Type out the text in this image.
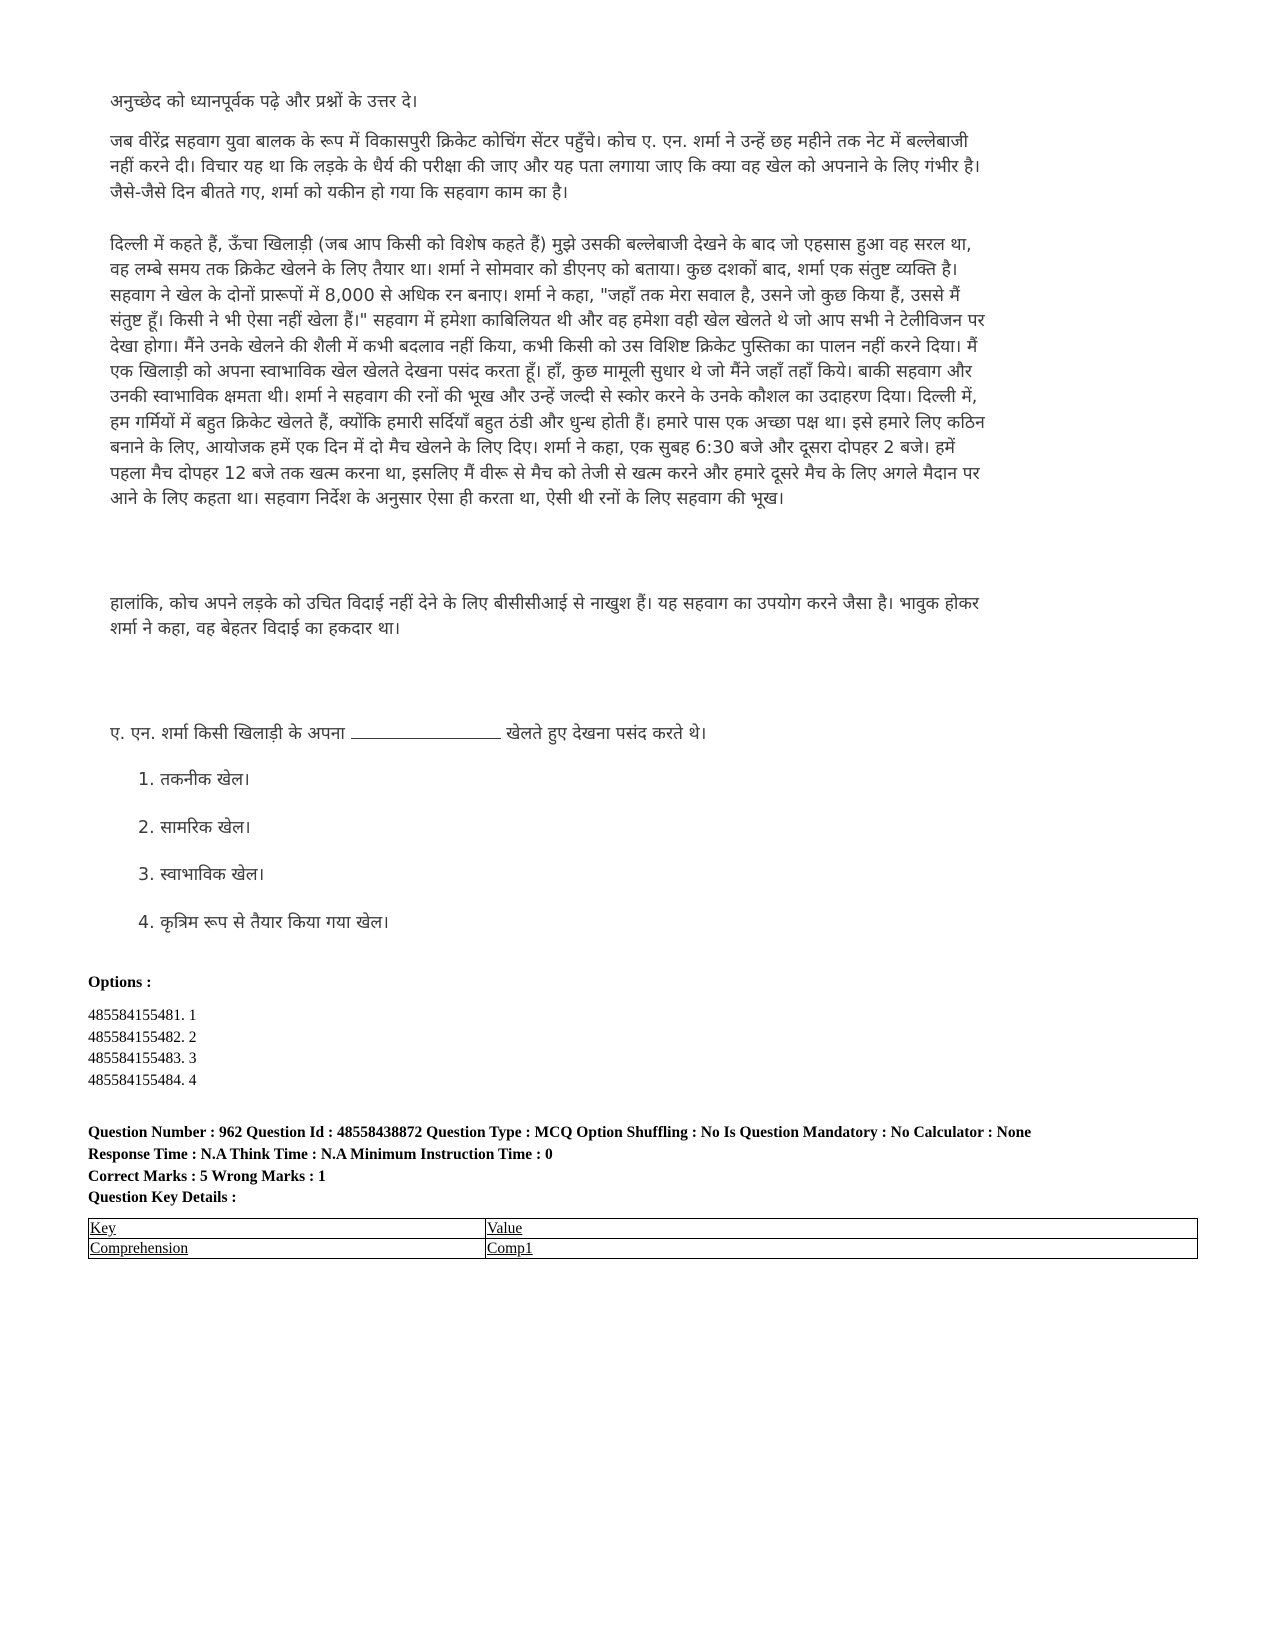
अनुच्छेद को ध्यानपूर्वक पढ़े और प्रश्नों के उत्तर दे।

जब वीरेंद्र सहवाग युवा बालक के रूप में विकासपुरी क्रिकेट कोचिंग सेंटर पहुँचे। कोच ए. एन. शर्मा ने उन्हें छह महीने तक नेट में बल्लेबाजी नहीं करने दी। विचार यह था कि लड़के के धैर्य की परीक्षा की जाए और यह पता लगाया जाए कि क्या वह खेल को अपनाने के लिए गंभीर है। जैसे-जैसे दिन बीतते गए, शर्मा को यकीन हो गया कि सहवाग काम का है।

दिल्ली में कहते हैं, ऊँचा खिलाड़ी (जब आप किसी को विशेष कहते हैं) मुझे उसकी बल्लेबाजी देखने के बाद जो एहसास हुआ वह सरल था, वह लम्बे समय तक क्रिकेट खेलने के लिए तैयार था। शर्मा ने सोमवार को डीएनए को बताया। कुछ दशकों बाद, शर्मा एक संतुष्ट व्यक्ति है। सहवाग ने खेल के दोनों प्रारूपों में 8,000 से अधिक रन बनाए। शर्मा ने कहा, "जहाँ तक मेरा सवाल है, उसने जो कुछ किया हैं, उससे मैं संतुष्ट हूँ। किसी ने भी ऐसा नहीं खेला हैं।" सहवाग में हमेशा काबिलियत थी और वह हमेशा वही खेल खेलते थे जो आप सभी ने टेलीविजन पर देखा होगा। मैंने उनके खेलने की शैली में कभी बदलाव नहीं किया, कभी किसी को उस विशिष्ट क्रिकेट पुस्तिका का पालन नहीं करने दिया। मैं एक खिलाड़ी को अपना स्वाभाविक खेल खेलते देखना पसंद करता हूँ। हाँ, कुछ मामूली सुधार थे जो मैंने जहाँ तहाँ किये। बाकी सहवाग और उनकी स्वाभाविक क्षमता थी। शर्मा ने सहवाग की रनों की भूख और उन्हें जल्दी से स्कोर करने के उनके कौशल का उदाहरण दिया। दिल्ली में, हम गर्मियों में बहुत क्रिकेट खेलते हैं, क्योंकि हमारी सर्दियाँ बहुत ठंडी और धुन्ध होती हैं। हमारे पास एक अच्छा पक्ष था। इसे हमारे लिए कठिन बनाने के लिए, आयोजक हमें एक दिन में दो मैच खेलने के लिए दिए। शर्मा ने कहा, एक सुबह 6:30 बजे और दूसरा दोपहर 2 बजे। हमें पहला मैच दोपहर 12 बजे तक खत्म करना था, इसलिए मैं वीरू से मैच को तेजी से खत्म करने और हमारे दूसरे मैच के लिए अगले मैदान पर आने के लिए कहता था। सहवाग निर्देश के अनुसार ऐसा ही करता था, ऐसी थी रनों के लिए सहवाग की भूख।

हालांकि, कोच अपने लड़के को उचित विदाई नहीं देने के लिए बीसीसीआई से नाखुश हैं। यह सहवाग का उपयोग करने जैसा है। भावुक होकर शर्मा ने कहा, वह बेहतर विदाई का हकदार था।

ए. एन. शर्मा किसी खिलाड़ी के अपना	खेलते हुए देखना पसंद करते थे।
1. तकनीक खेल।
2. सामरिक खेल।
3. स्वाभाविक खेल।
4. कृत्रिम रूप से तैयार किया गया खेल।
Options :
485584155481. 1
485584155482. 2
485584155483. 3
485584155484. 4
Question Number : 962 Question Id : 48558438872 Question Type : MCQ Option Shuffling : No Is Question Mandatory : No Calculator : None
Response Time : N.A Think Time : N.A Minimum Instruction Time : 0
Correct Marks : 5 Wrong Marks : 1
Question Key Details :
Key	Value
Comprehension	Comp1
